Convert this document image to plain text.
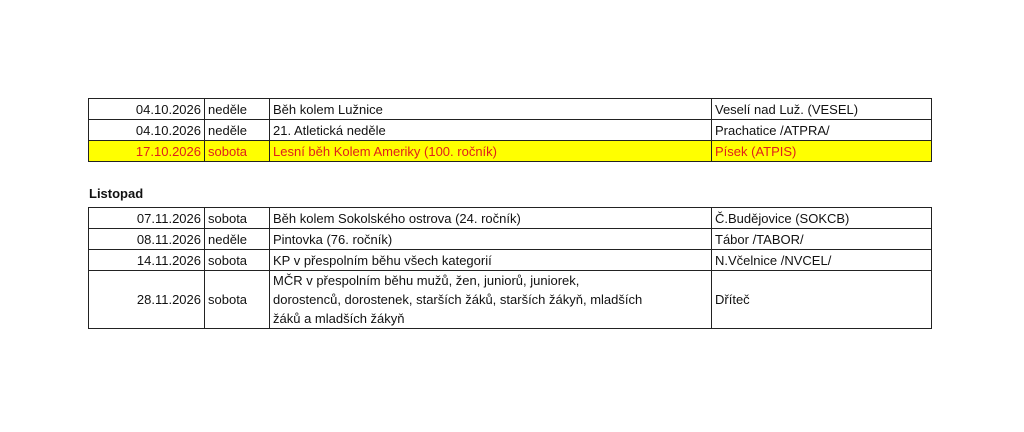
04.10.2026	neděle	Běh kolem Lužnice	Veselí nad Luž. (VESEL)
04.10.2026	neděle	21. Atletická neděle	Prachatice /ATPRA/
17.10.2026	sobota	Lesní běh Kolem Ameriky (100. ročník)	Písek (ATPIS)
Listopad
07.11.2026	sobota	Běh kolem Sokolského ostrova (24. ročník)	Č.Budějovice (SOKCB)
08.11.2026	neděle	Pintovka (76. ročník)	Tábor /TABOR/
14.11.2026	sobota	KP v přespolním běhu všech kategorií	N.Včelnice /NVCEL/
28.11.2026	sobota	MČR v přespolním běhu mužů, žen, juniorů, juniorek,
dorostenců, dorostenek, starších žáků, starších žákyň, mladších
žáků a mladších žákyň	Dříteč
